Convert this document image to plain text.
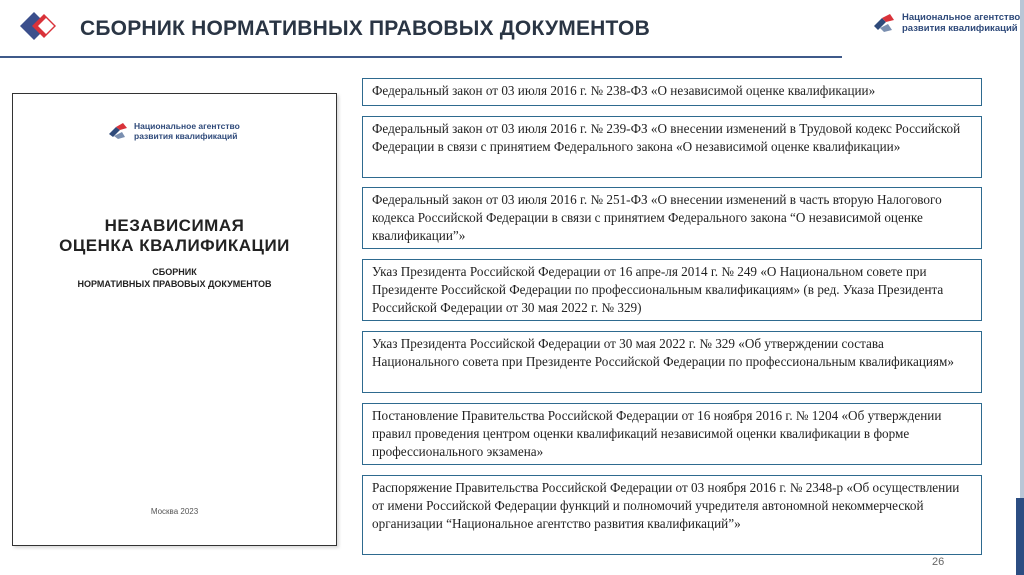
СБОРНИК НОРМАТИВНЫХ ПРАВОВЫХ ДОКУМЕНТОВ	Национальное агентство
развития квалификаций
Национальное агентство
развития квалификаций
НЕЗАВИСИМАЯ
ОЦЕНКА КВАЛИФИКАЦИИ
СБОРНИК
НОРМАТИВНЫХ ПРАВОВЫХ ДОКУМЕНТОВ
Москва 2023
Федеральный закон от 03 июля 2016 г. № 238-ФЗ «О независимой оценке квалификации»
Федеральный закон от 03 июля 2016 г. № 239-ФЗ «О внесении изменений в Трудовой кодекс Российской Федерации в связи с принятием Федерального закона «О независимой оценке квалификации»
Федеральный закон от 03 июля 2016 г. № 251-ФЗ «О внесении изменений в часть вторую Налогового кодекса Российской Федерации в связи с принятием Федерального закона “О независимой оценке квалификации”»
Указ Президента Российской Федерации от 16 апре-ля 2014 г. № 249 «О Национальном совете при Президенте Российской Федерации по профессиональным квалификациям» (в ред. Указа Президента Российской Федерации от 30 мая 2022 г. № 329)
Указ Президента Российской Федерации от 30 мая 2022 г. № 329 «Об утверждении состава Национального совета при Президенте Российской Федерации по профессиональным квалификациям»
Постановление Правительства Российской Федерации от 16 ноября 2016 г. № 1204 «Об утверждении правил проведения центром оценки квалификаций независимой оценки квалификации в форме профессионального экзамена»
Распоряжение Правительства Российской Федерации от 03 ноября 2016 г. № 2348-р «Об осуществлении от имени Российской Федерации функций и полномочий учредителя автономной некоммерческой организации “Национальное агентство развития квалификаций”»
26
